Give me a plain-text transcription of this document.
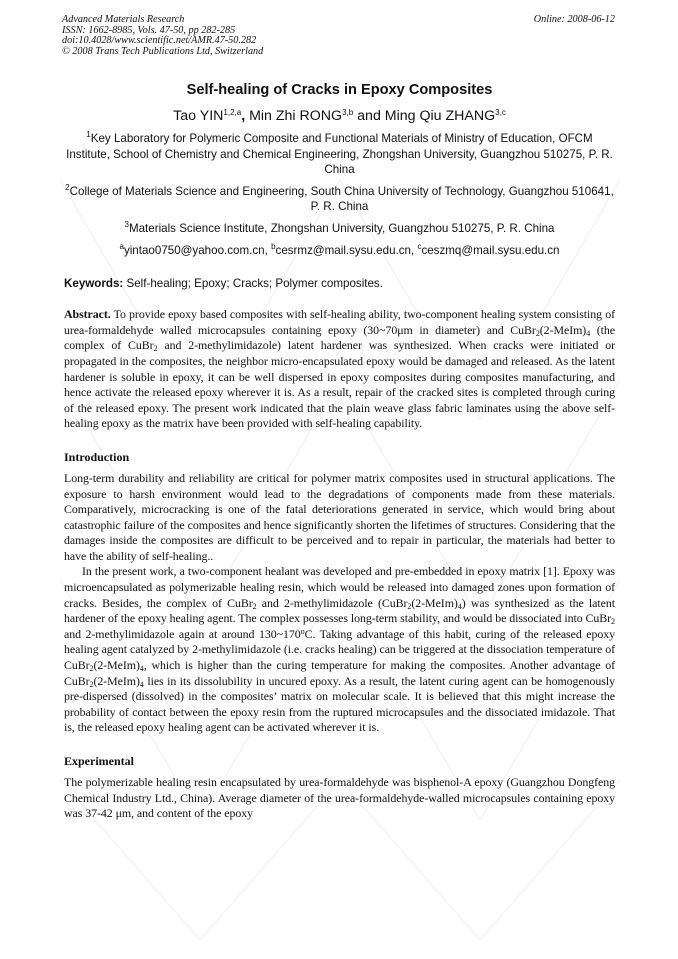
Advanced Materials Research
ISSN: 1662-8985, Vols. 47-50, pp 282-285
doi:10.4028/www.scientific.net/AMR.47-50.282
© 2008 Trans Tech Publications Ltd, Switzerland
Online: 2008-06-12
Self-healing of Cracks in Epoxy Composites
Tao YIN$^{1,2,a}$, Min Zhi RONG$^{3,b}$ and Ming Qiu ZHANG$^{3,c}$

$^1$Key Laboratory for Polymeric Composite and Functional Materials of Ministry of Education, OFCM Institute, School of Chemistry and Chemical Engineering, Zhongshan University, Guangzhou 510275, P. R. China

$^2$College of Materials Science and Engineering, South China University of Technology, Guangzhou 510641, P. R. China

$^3$Materials Science Institute, Zhongshan University, Guangzhou 510275, P. R. China

$^a$yintao0750@yahoo.com.cn, $^b$cesrmz@mail.sysu.edu.cn, $^c$ceszmq@mail.sysu.edu.cn

Keywords: Self-healing; Epoxy; Cracks; Polymer composites.

Abstract. To provide epoxy based composites with self-healing ability, two-component healing system consisting of urea-formaldehyde walled microcapsules containing epoxy (30~70μm in diameter) and $CuBr_2(2-MeIm)_4$ (the complex of CuBr$_2$ and 2-methylimidazole) latent hardener was synthesized. When cracks were initiated or propagated in the composites, the neighbor micro-encapsulated epoxy would be damaged and released. As the latent hardener is soluble in epoxy, it can be well dispersed in epoxy composites during composites manufacturing, and hence activate the released epoxy wherever it is. As a result, repair of the cracked sites is completed through curing of the released epoxy. The present work indicated that the plain weave glass fabric laminates using the above self-healing epoxy as the matrix have been provided with self-healing capability.

Introduction

Long-term durability and reliability are critical for polymer matrix composites used in structural applications. The exposure to harsh environment would lead to the degradations of components made from these materials. Comparatively, microcracking is one of the fatal deteriorations generated in service, which would bring about catastrophic failure of the composites and hence significantly shorten the lifetimes of structures. Considering that the damages inside the composites are difficult to be perceived and to repair in particular, the materials had better to have the ability of self-healing..

In the present work, a two-component healant was developed and pre-embedded in epoxy matrix [1]. Epoxy was microencapsulated as polymerizable healing resin, which would be released into damaged zones upon formation of cracks. Besides, the complex of CuBr$_2$ and 2-methylimidazole $(CuBr_2(2-MeIm)_4)$ was synthesized as the latent hardener of the epoxy healing agent. The complex possesses long-term stability, and would be dissociated into CuBr$_2$ and 2-methylimidazole again at around 130~170$^o$C. Taking advantage of this habit, curing of the released epoxy healing agent catalyzed by 2-methylimidazole (i.e. cracks healing) can be triggered at the dissociation temperature of $CuBr_2(2-MeIm)_4$, which is higher than the curing temperature for making the composites. Another advantage of $CuBr_2(2-MeIm)_4$ lies in its dissolubility in uncured epoxy. As a result, the latent curing agent can be homogenously pre-dispersed (dissolved) in the composites’ matrix on molecular scale. It is believed that this might increase the probability of contact between the epoxy resin from the ruptured microcapsules and the dissociated imidazole. That is, the released epoxy healing agent can be activated wherever it is.

Experimental

The polymerizable healing resin encapsulated by urea-formaldehyde was bisphenol-A epoxy (Guangzhou Dongfeng Chemical Industry Ltd., China). Average diameter of the urea-formaldehyde-walled microcapsules containing epoxy was 37-42 μm, and content of the epoxy
